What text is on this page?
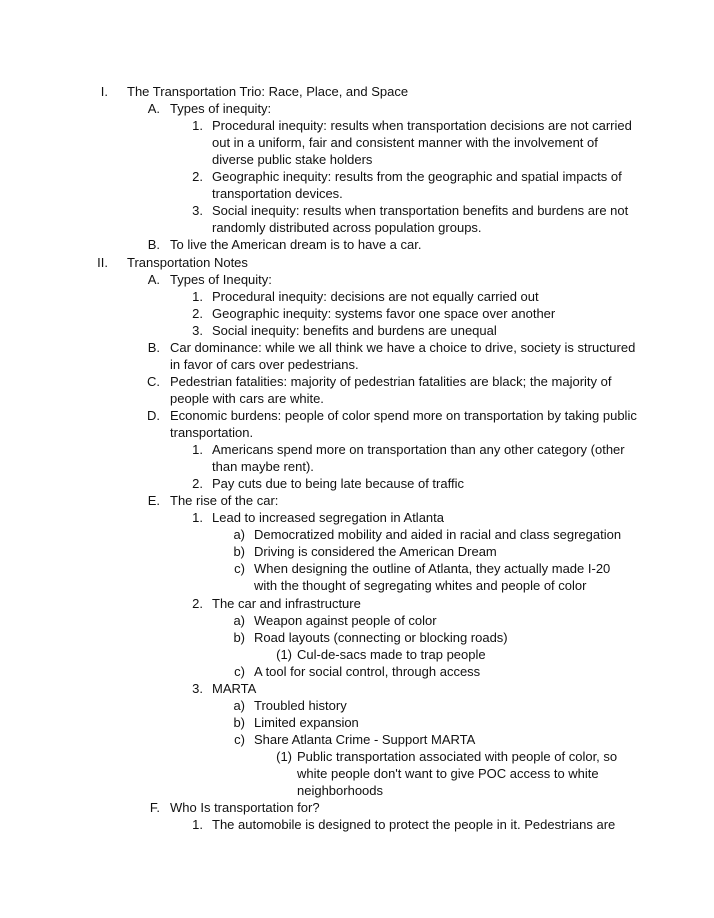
I. The Transportation Trio: Race, Place, and Space
A. Types of inequity:
1. Procedural inequity: results when transportation decisions are not carried
out in a uniform, fair and consistent manner with the involvement of
diverse public stake holders
2. Geographic inequity: results from the geographic and spatial impacts of
transportation devices.
3. Social inequity: results when transportation benefits and burdens are not
randomly distributed across population groups.
B. To live the American dream is to have a car.
II. Transportation Notes
A. Types of Inequity:
1. Procedural inequity: decisions are not equally carried out
2. Geographic inequity: systems favor one space over another
3. Social inequity: benefits and burdens are unequal
B. Car dominance: while we all think we have a choice to drive, society is structured
in favor of cars over pedestrians.
C. Pedestrian fatalities: majority of pedestrian fatalities are black; the majority of
people with cars are white.
D. Economic burdens: people of color spend more on transportation by taking public
transportation.
1. Americans spend more on transportation than any other category (other
than maybe rent).
2. Pay cuts due to being late because of traffic
E. The rise of the car:
1. Lead to increased segregation in Atlanta
a) Democratized mobility and aided in racial and class segregation
b) Driving is considered the American Dream
c) When designing the outline of Atlanta, they actually made I-20
with the thought of segregating whites and people of color
2. The car and infrastructure
a) Weapon against people of color
b) Road layouts (connecting or blocking roads)
(1) Cul-de-sacs made to trap people
c) A tool for social control, through access
3. MARTA
a) Troubled history
b) Limited expansion
c) Share Atlanta Crime - Support MARTA
(1) Public transportation associated with people of color, so
white people don't want to give POC access to white
neighborhoods
F. Who Is transportation for?
1. The automobile is designed to protect the people in it. Pedestrians are
